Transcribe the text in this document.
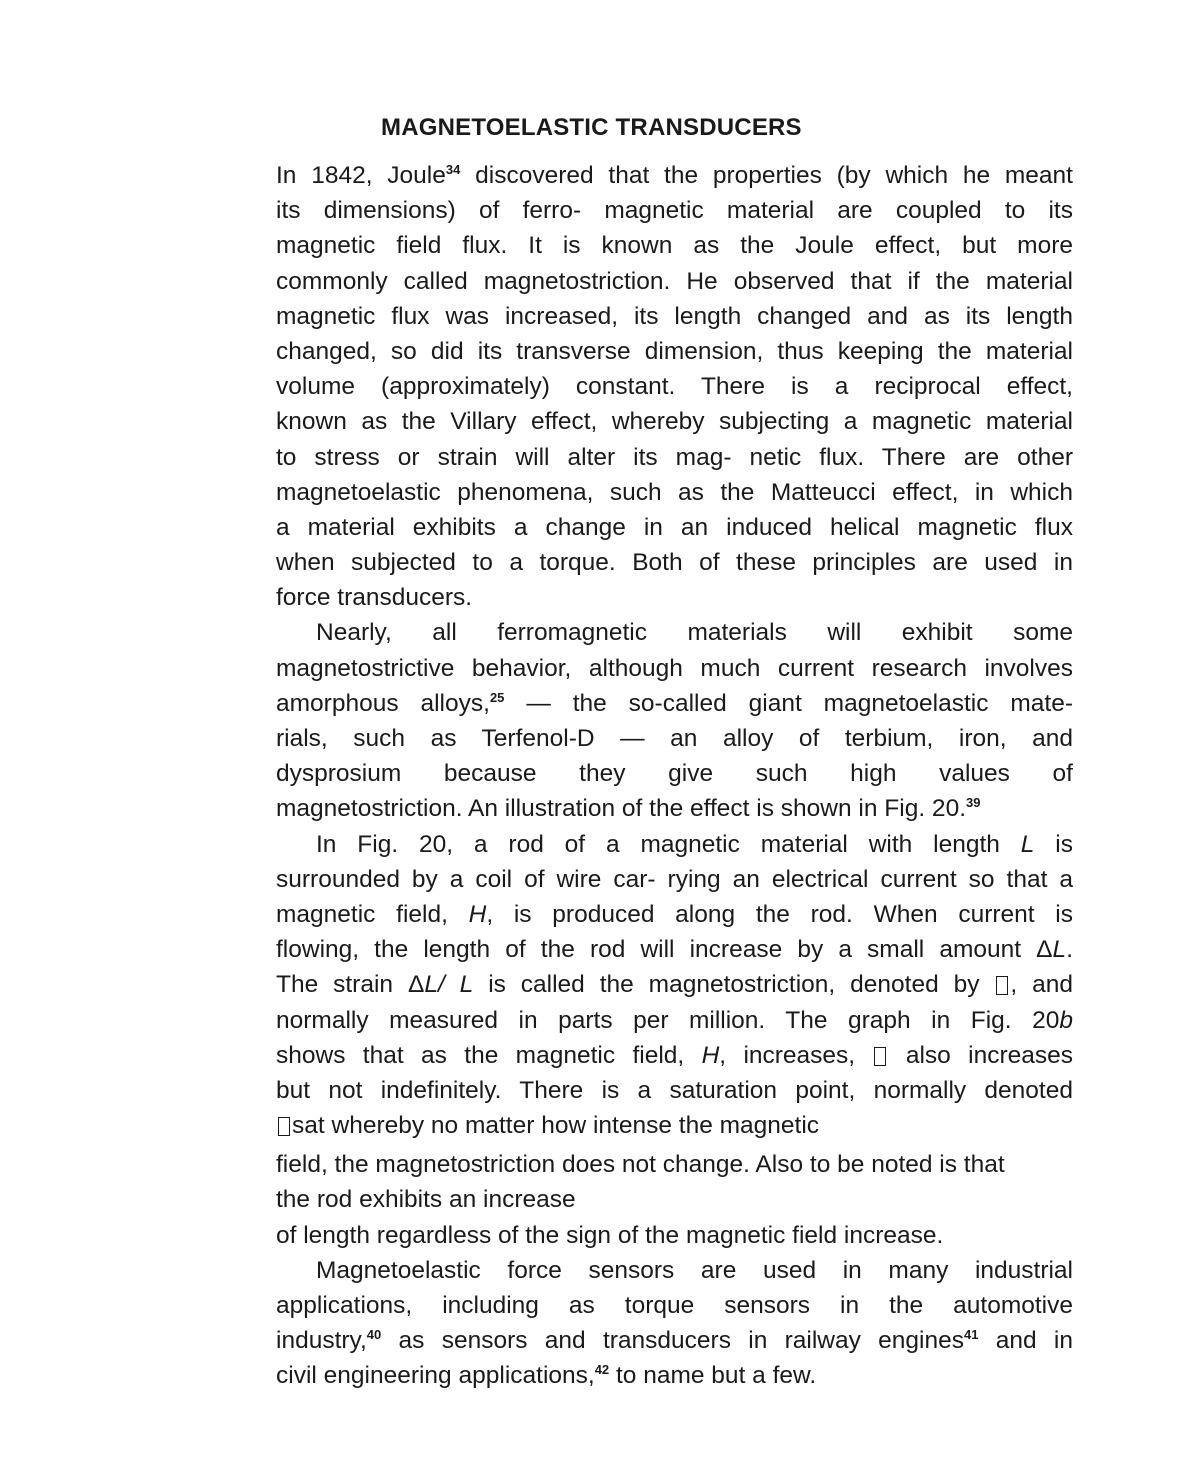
MAGNETOELASTIC TRANSDUCERS
In 1842, Joule$^{34}$ discovered that the properties (by which he meant
its dimensions) of ferro- magnetic material are coupled to its
magnetic field flux. It is known as the Joule effect, but more
commonly called magnetostriction. He observed that if the material
magnetic flux was increased, its length changed and as its length
changed, so did its transverse dimension, thus keeping the material
volume (approximately) constant. There is a reciprocal effect,
known as the Villary effect, whereby subjecting a magnetic material
to stress or strain will alter its mag- netic flux. There are other
magnetoelastic phenomena, such as the Matteucci effect, in which
a material exhibits a change in an induced helical magnetic flux
when subjected to a torque. Both of these principles are used in
force transducers.
Nearly, all ferromagnetic materials will exhibit some
magnetostrictive behavior, although much current research involves
amorphous alloys,$^{25}$ — the so-called giant magnetoelastic mate-
rials, such as Terfenol-D — an alloy of terbium, iron, and
dysprosium because they give such high values of
magnetostriction. An illustration of the effect is shown in Fig. 20.39
In Fig. 20, a rod of a magnetic material with length L is
surrounded by a coil of wire car- rying an electrical current so that a
magnetic field, H, is produced along the rod. When current is
flowing, the length of the rod will increase by a small amount ΔL.
The strain ΔL/ L is called the magnetostriction, denoted by , and
normally measured in parts per million. The graph in Fig. 20b
shows that as the magnetic field, H, increases,  also increases
but not indefinitely. There is a saturation point, normally denoted
sat whereby no matter how intense the magnetic
field, the magnetostriction does not change. Also to be noted is that
the rod exhibits an increase
of length regardless of the sign of the magnetic field increase.
Magnetoelastic force sensors are used in many industrial
applications, including as torque sensors in the automotive
industry,$^{40}$ as sensors and transducers in railway engines$^{41}$ and in
civil engineering applications,$^{42}$ to name but a few.
